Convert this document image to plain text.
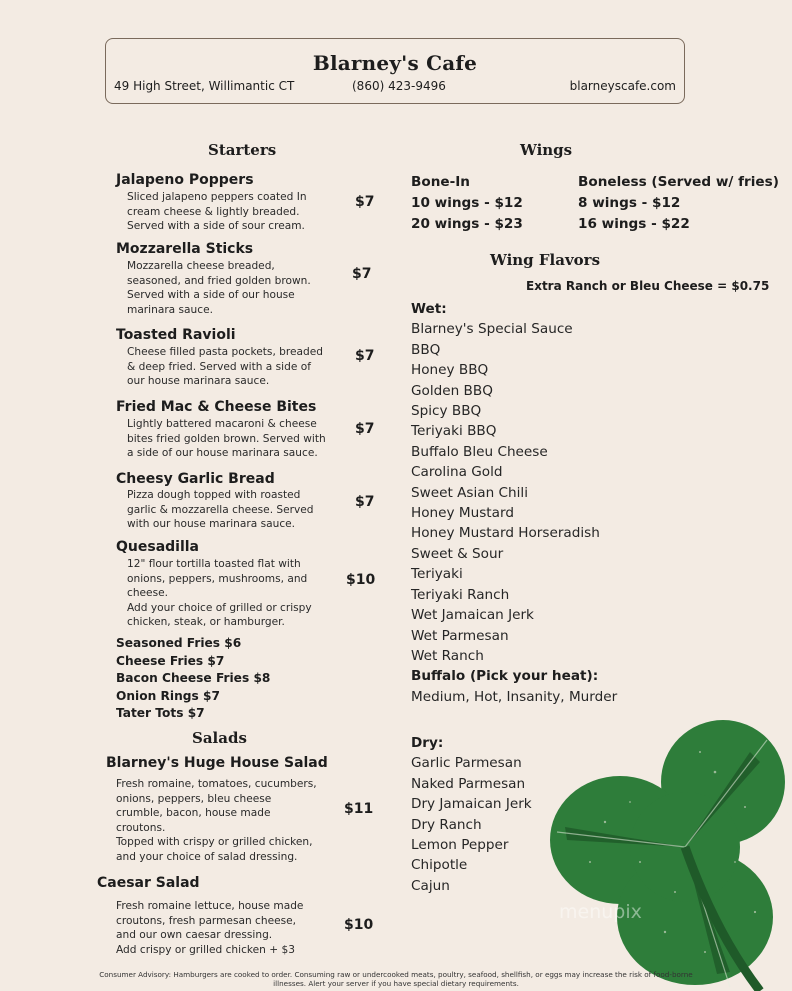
Blarney's Cafe
49 High Street, Willimantic CT	(860) 423-9496	blarneyscafe.com
menupix
Starters
Jalapeno Poppers
Sliced jalapeno peppers coated In
cream cheese & lightly breaded.
Served with a side of sour cream.
$7
Mozzarella Sticks
Mozzarella cheese breaded,
seasoned, and fried golden brown.
Served with a side of our house
marinara sauce.
$7
Toasted Ravioli
Cheese filled pasta pockets, breaded
& deep fried. Served with a side of
our house marinara sauce.
$7
Fried Mac & Cheese Bites
Lightly battered macaroni & cheese
bites fried golden brown. Served with
a side of our house marinara sauce.
$7
Cheesy Garlic Bread
Pizza dough topped with roasted
garlic & mozzarella cheese. Served
with our house marinara sauce.
$7
Quesadilla
12" flour tortilla toasted flat with
onions, peppers, mushrooms, and
cheese.
Add your choice of grilled or crispy
chicken, steak, or hamburger.
$10
Seasoned Fries $6
Cheese Fries $7
Bacon Cheese Fries $8
Onion Rings $7
Tater Tots $7
Salads
Blarney's Huge House Salad
Fresh romaine, tomatoes, cucumbers,
onions, peppers, bleu cheese
crumble, bacon, house made
croutons.
Topped with crispy or grilled chicken,
and your choice of salad dressing.
$11
Caesar Salad
Fresh romaine lettuce, house made
croutons, fresh parmesan cheese,
and our own caesar dressing.
Add crispy or grilled chicken + $3
$10
Wings
Bone-In
10 wings - $12
20 wings - $23
Boneless (Served w/ fries)
8 wings - $12
16 wings - $22
Wing Flavors
Extra Ranch or Bleu Cheese = $0.75
Wet:
Blarney's Special Sauce
BBQ
Honey BBQ
Golden BBQ
Spicy BBQ
Teriyaki BBQ
Buffalo Bleu Cheese
Carolina Gold
Sweet Asian Chili
Honey Mustard
Honey Mustard Horseradish
Sweet & Sour
Teriyaki
Teriyaki Ranch
Wet Jamaican Jerk
Wet Parmesan
Wet Ranch
Buffalo (Pick your heat):
Medium, Hot, Insanity, Murder
Dry:
Garlic Parmesan
Naked Parmesan
Dry Jamaican Jerk
Dry Ranch
Lemon Pepper
Chipotle
Cajun
Consumer Advisory: Hamburgers are cooked to order. Consuming raw or undercooked meats, poultry, seafood, shellfish, or eggs may increase the risk of food-borne
illnesses. Alert your server if you have special dietary requirements.
